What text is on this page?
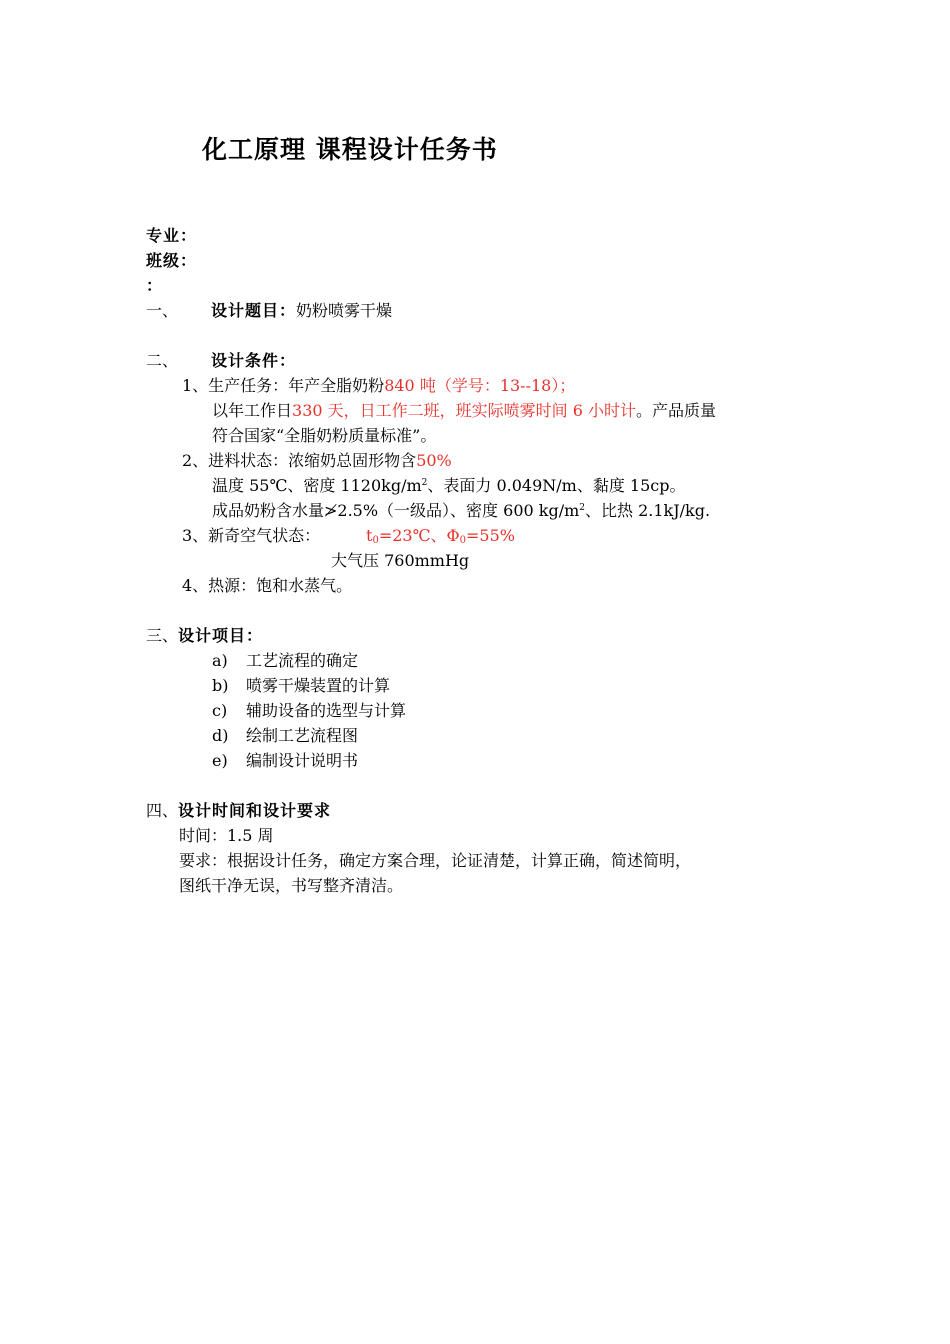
化工原理 课程设计任务书
专业：
班级：
：
一、 设计题目：奶粉喷雾干燥
二、 设计条件：
1、生产任务：年产全脂奶粉840 吨（学号：13--18）；
以年工作日330 天，日工作二班，班实际喷雾时间 6 小时计。产品质量
符合国家“全脂奶粉质量标准”。
2、进料状态：浓缩奶总固形物含50%
温度 55℃、密度 $1120kg/m^2$、表面力 0.049N/m、黏度 15cp。
成品奶粉含水量≯2.5%（一级品）、密度 600 $kg/m^2$、比热 2.1kJ/kg.
3、新奇空气状态：	$t_0=23℃$、$\Phi_0=55\%$
大气压 760mmHg
4、热源：饱和水蒸气。
三、设计项目：
a) 工艺流程的确定
b) 喷雾干燥装置的计算
c) 辅助设备的选型与计算
d) 绘制工艺流程图
e) 编制设计说明书
四、设计时间和设计要求
时间：1.5 周
要求：根据设计任务，确定方案合理，论证清楚，计算正确，简述简明，
图纸干净无误，书写整齐清洁。
